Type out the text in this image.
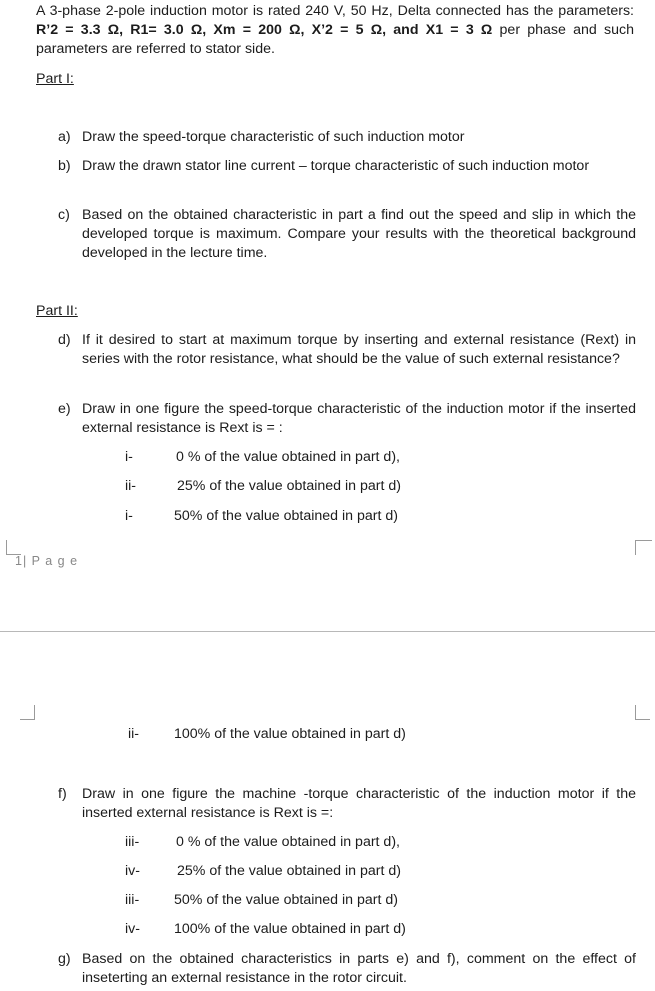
A 3-phase 2-pole induction motor is rated 240 V, 50 Hz, Delta connected has the parameters: R’2 = 3.3 Ω, R1= 3.0 Ω, Xm = 200 Ω, X’2 = 5 Ω, and X1 = 3 Ω per phase and such parameters are referred to stator side.

Part I:
a) Draw the speed-torque characteristic of such induction motor
b) Draw the drawn stator line current – torque characteristic of such induction motor
c) Based on the obtained characteristic in part a find out the speed and slip in which the developed torque is maximum. Compare your results with the theoretical background developed in the lecture time.
Part II:
d) If it desired to start at maximum torque by inserting and external resistance (Rext) in series with the rotor resistance, what should be the value of such external resistance?
e) Draw in one figure the speed-torque characteristic of the induction motor if the inserted external resistance is Rext is = :
i-	0 % of the value obtained in part d),
ii-	25% of the value obtained in part d)
i-	50% of the value obtained in part d)
1| P a g e
ii- 100% of the value obtained in part d)
f) Draw in one figure the machine -torque characteristic of the induction motor if the inserted external resistance is Rext is =:
iii-	0 % of the value obtained in part d),
iv-	25% of the value obtained in part d)
iii- 50% of the value obtained in part d)
iv- 100% of the value obtained in part d)
g) Based on the obtained characteristics in parts e) and f), comment on the effect of inseterting an external resistance in the rotor circuit.
